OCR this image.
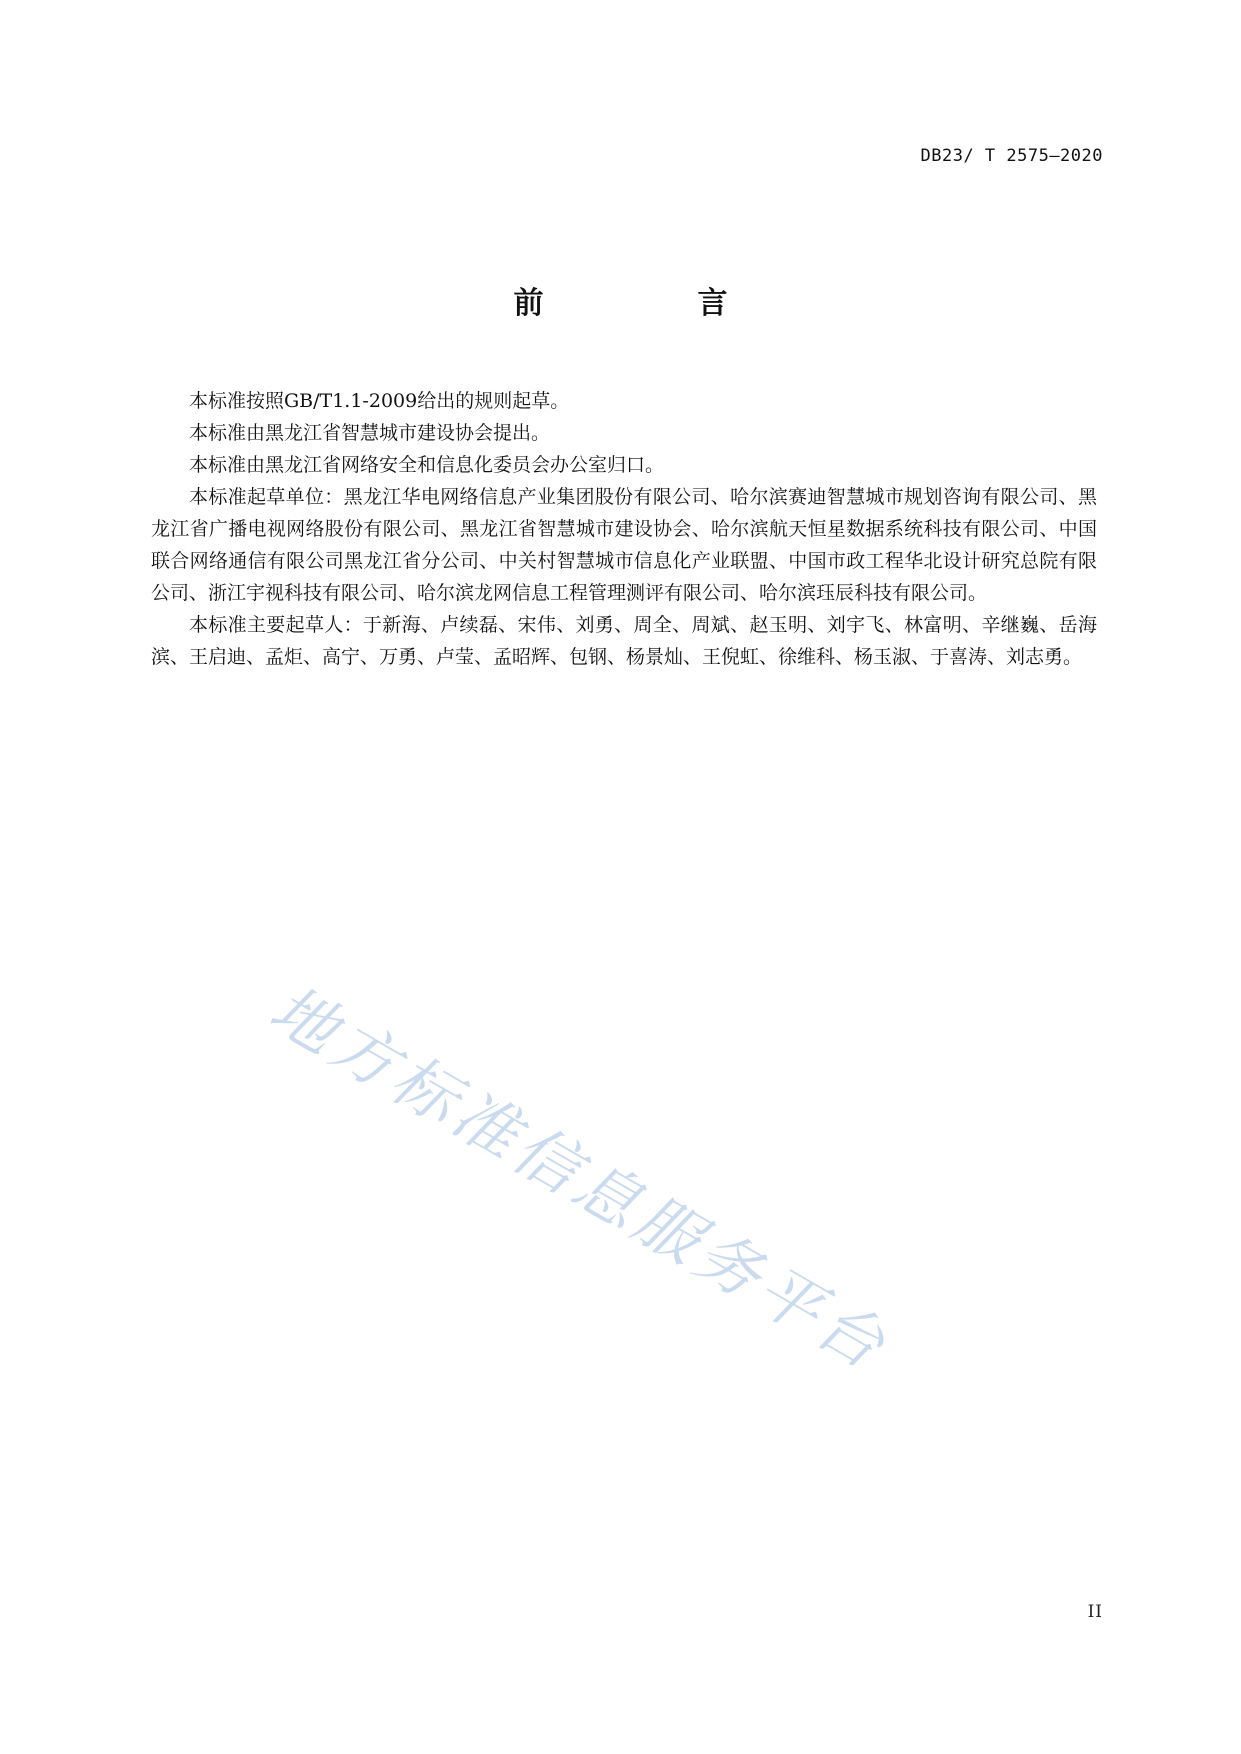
DB23/ T 2575—2020
前　言

本标准按照GB/T1.1-2009给出的规则起草。

本标准由黑龙江省智慧城市建设协会提出。

本标准由黑龙江省网络安全和信息化委员会办公室归口。

本标准起草单位：黑龙江华电网络信息产业集团股份有限公司、哈尔滨赛迪智慧城市规划咨询有限公司、黑龙江省广播电视网络股份有限公司、黑龙江省智慧城市建设协会、哈尔滨航天恒星数据系统科技有限公司、中国联合网络通信有限公司黑龙江省分公司、中关村智慧城市信息化产业联盟、中国市政工程华北设计研究总院有限公司、浙江宇视科技有限公司、哈尔滨龙网信息工程管理测评有限公司、哈尔滨珏辰科技有限公司。

本标准主要起草人：于新海、卢续磊、宋伟、刘勇、周全、周斌、赵玉明、刘宇飞、林富明、辛继巍、岳海滨、王启迪、孟炬、高宁、万勇、卢莹、孟昭辉、包钢、杨景灿、王倪虹、徐维科、杨玉淑、于喜涛、刘志勇。

地方标准信息服务平台
II
